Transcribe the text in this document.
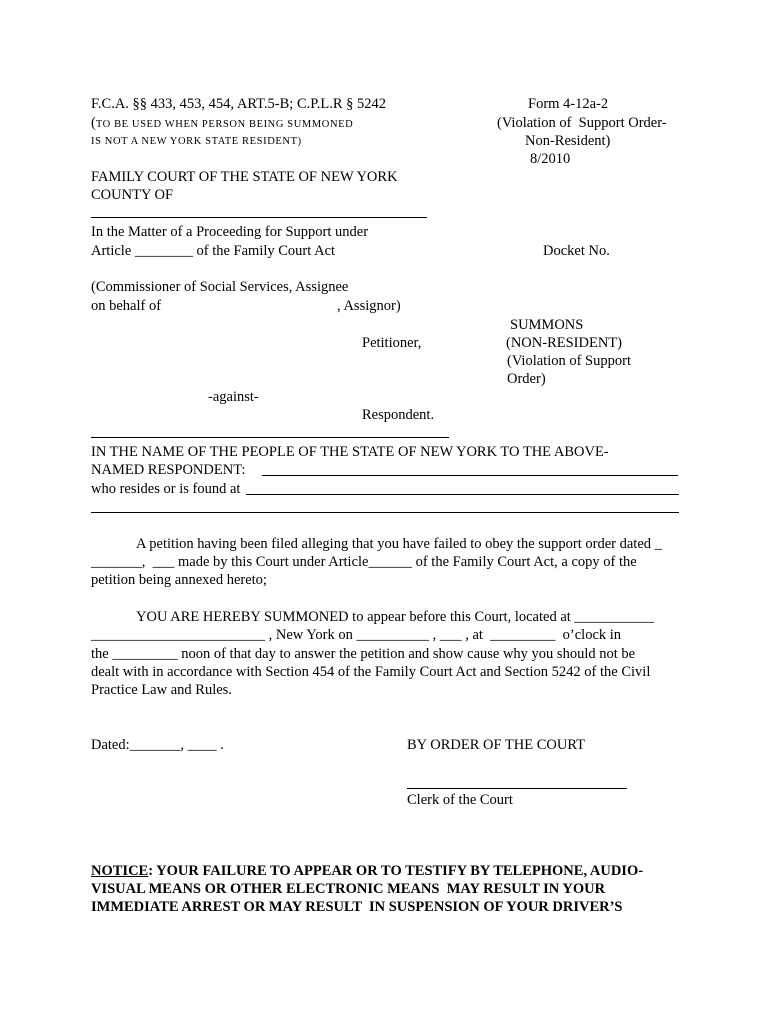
F.C.A. §§ 433, 453, 454, ART.5-B; C.P.L.R § 5242
(TO BE USED WHEN PERSON BEING SUMMONED
IS NOT A NEW YORK STATE RESIDENT)
Form 4-12a-2
(Violation of  Support Order-
Non-Resident)
8/2010
FAMILY COURT OF THE STATE OF NEW YORK
COUNTY OF
In the Matter of a Proceeding for Support under
Article ________ of the Family Court Act	Docket No.
(Commissioner of Social Services, Assignee
on behalf of	, Assignor)
Petitioner,
-against-
Respondent.
SUMMONS
(NON-RESIDENT)
(Violation of Support
Order)
IN THE NAME OF THE PEOPLE OF THE STATE OF NEW YORK TO THE ABOVE-
NAMED RESPONDENT:
who resides or is found at
A petition having been filed alleging that you have failed to obey the support order dated _
_______,  ___ made by this Court under Article______ of the Family Court Act, a copy of the
petition being annexed hereto;
YOU ARE HEREBY SUMMONED to appear before this Court, located at ___________
________________________ , New York on __________ , ___ , at  _________  o’clock in
the _________ noon of that day to answer the petition and show cause why you should not be
dealt with in accordance with Section 454 of the Family Court Act and Section 5242 of the Civil
Practice Law and Rules.
Dated:_______, ____ .	BY ORDER OF THE COURT
Clerk of the Court
NOTICE: YOUR FAILURE TO APPEAR OR TO TESTIFY BY TELEPHONE, AUDIO-
VISUAL MEANS OR OTHER ELECTRONIC MEANS  MAY RESULT IN YOUR
IMMEDIATE ARREST OR MAY RESULT  IN SUSPENSION OF YOUR DRIVER’S
